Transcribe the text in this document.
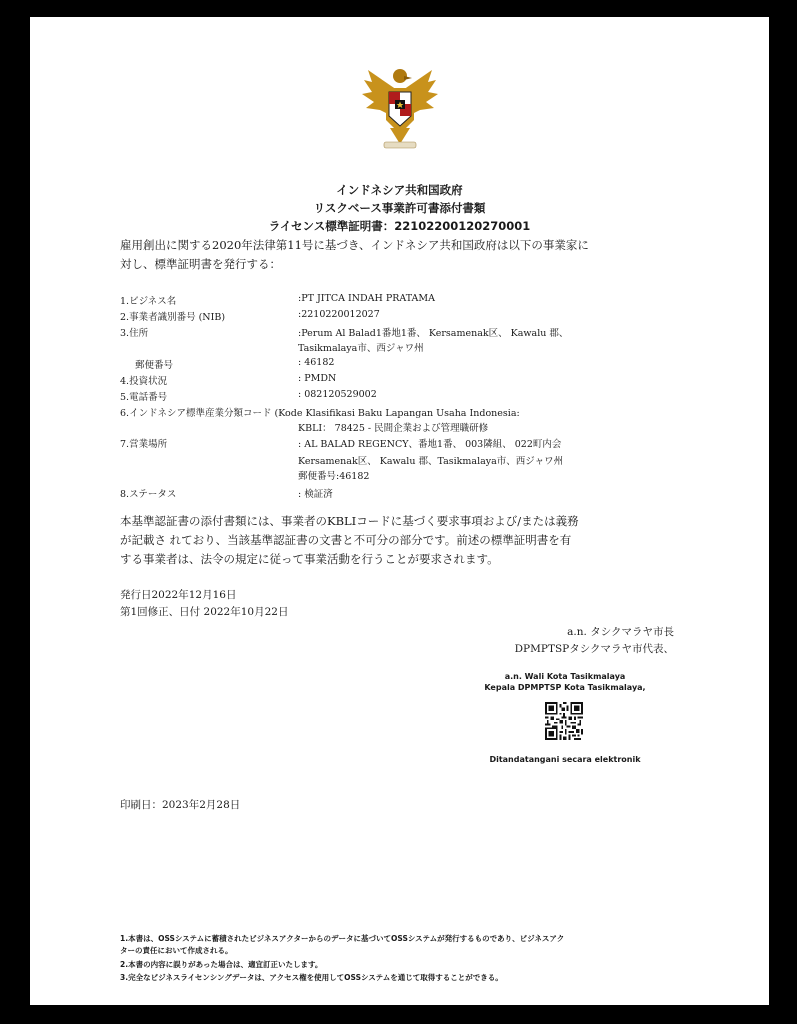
インドネシア共和国政府
リスクベース事業許可書添付書類
ライセンス標準証明書：22102200120270001
雇用創出に関する2020年法律第11号に基づき、インドネシア共和国政府は以下の事業家に
対し、標準証明書を発行する：
1.ビジネス名	:PT JITCA INDAH PRATAMA
2.事業者識別番号 (NIB)	:2210220012027
3.住所	:Perum Al Balad1番地1番、 Kersamenak区、 Kawalu 郡、
Tasikmalaya市、西ジャワ州
郵便番号	: 46182
4.投資状況	: PMDN
5.電話番号	: 082120529002
6.インドネシア標準産業分類コード (Kode Klasifikasi Baku Lapangan Usaha Indonesia:
KBLI： 78425 - 民間企業および管理職研修
7.営業場所	: AL BALAD REGENCY、番地1番、 003隣組、 022町内会
Kersamenak区、 Kawalu 郡、Tasikmalaya市、西ジャワ州
郵便番号:46182
8.ステータス	: 検証済
本基準認証書の添付書類には、事業者のKBLIコードに基づく要求事項および/または義務
が記載さ れており、当該基準認証書の文書と不可分の部分です。前述の標準証明書を有
する事業者は、法令の規定に従って事業活動を行うことが要求されます。
発行日2022年12月16日
第1回修正、日付 2022年10月22日
a.n. タシクマラヤ市長
DPMPTSPタシクマラヤ市代表、
a.n. Wali Kota Tasikmalaya
Kepala DPMPTSP Kota Tasikmalaya,
Ditandatangani secara elektronik
印刷日：2023年2月28日
1.本書は、OSSシステムに蓄積されたビジネスアクターからのデータに基づいてOSSシステムが発行するものであり、ビジネスアク
ターの責任において作成される。
2.本書の内容に誤りがあった場合は、適宜訂正いたします。
3.完全なビジネスライセンシングデータは、アクセス権を使用してOSSシステムを通じて取得することができる。
